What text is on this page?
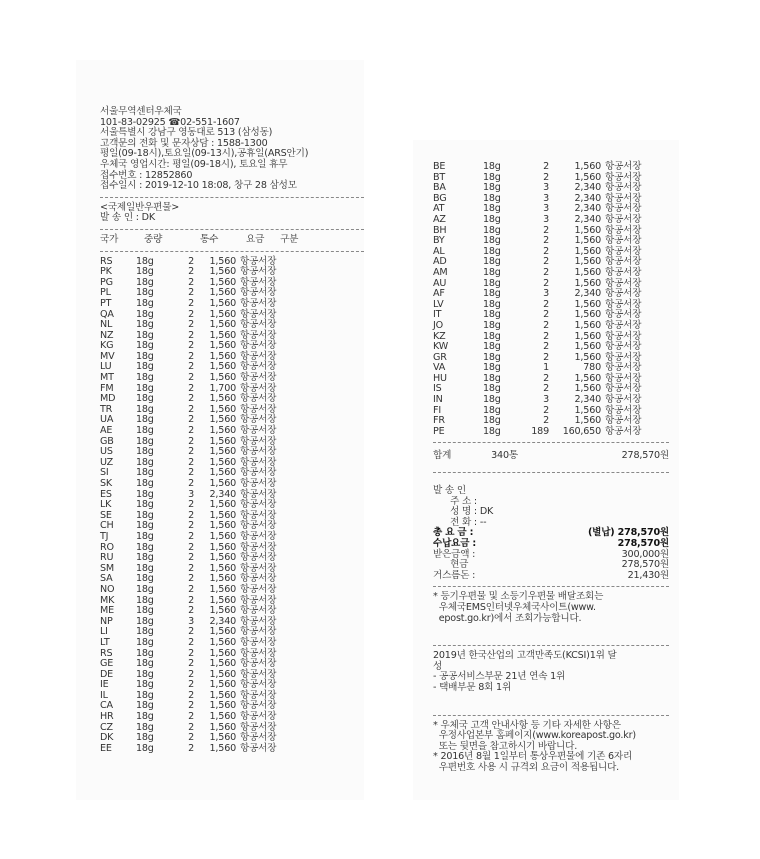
서울무역센터우체국
101-83-02925 ☎02-551-1607
서울특별시 강남구 영동대로 513 (삼성동)
고객문의 전화 및 문자상담 : 1588-1300
평일(09-18시),토요일(09-13시),공휴일(ARS안기)
우체국 영업시간: 평일(09-18시), 토요일 휴무
접수번호 : 12852860
접수일시 : 2019-12-10 18:08, 창구 28 삼성모
<국제일반우편물>
발 송 인 : DK
국가	중량	통수	요금	구분
RS	18g	2	1,560 항공서장
PK	18g	2	1,560 항공서장
PG	18g	2	1,560 항공서장
PL	18g	2	1,560 항공서장
PT	18g	2	1,560 항공서장
QA	18g	2	1,560 항공서장
NL	18g	2	1,560 항공서장
NZ	18g	2	1,560 항공서장
KG	18g	2	1,560 항공서장
MV	18g	2	1,560 항공서장
LU	18g	2	1,560 항공서장
MT	18g	2	1,560 항공서장
FM	18g	2	1,700 항공서장
MD	18g	2	1,560 항공서장
TR	18g	2	1,560 항공서장
UA	18g	2	1,560 항공서장
AE	18g	2	1,560 항공서장
GB	18g	2	1,560 항공서장
US	18g	2	1,560 항공서장
UZ	18g	2	1,560 항공서장
SI	18g	2	1,560 항공서장
SK	18g	2	1,560 항공서장
ES	18g	3	2,340 항공서장
LK	18g	2	1,560 항공서장
SE	18g	2	1,560 항공서장
CH	18g	2	1,560 항공서장
TJ	18g	2	1,560 항공서장
RO	18g	2	1,560 항공서장
RU	18g	2	1,560 항공서장
SM	18g	2	1,560 항공서장
SA	18g	2	1,560 항공서장
NO	18g	2	1,560 항공서장
MK	18g	2	1,560 항공서장
ME	18g	2	1,560 항공서장
NP	18g	3	2,340 항공서장
LI	18g	2	1,560 항공서장
LT	18g	2	1,560 항공서장
RS	18g	2	1,560 항공서장
GE	18g	2	1,560 항공서장
DE	18g	2	1,560 항공서장
IE	18g	2	1,560 항공서장
IL	18g	2	1,560 항공서장
CA	18g	2	1,560 항공서장
HR	18g	2	1,560 항공서장
CZ	18g	2	1,560 항공서장
DK	18g	2	1,560 항공서장
EE	18g	2	1,560 항공서장
BE	18g	2	1,560 항공서장
BT	18g	2	1,560 항공서장
BA	18g	3	2,340 항공서장
BG	18g	3	2,340 항공서장
AT	18g	3	2,340 항공서장
AZ	18g	3	2,340 항공서장
BH	18g	2	1,560 항공서장
BY	18g	2	1,560 항공서장
AL	18g	2	1,560 항공서장
AD	18g	2	1,560 항공서장
AM	18g	2	1,560 항공서장
AU	18g	2	1,560 항공서장
AF	18g	3	2,340 항공서장
LV	18g	2	1,560 항공서장
IT	18g	2	1,560 항공서장
JO	18g	2	1,560 항공서장
KZ	18g	2	1,560 항공서장
KW	18g	2	1,560 항공서장
GR	18g	2	1,560 항공서장
VA	18g	1	780 항공서장
HU	18g	2	1,560 항공서장
IS	18g	2	1,560 항공서장
IN	18g	3	2,340 항공서장
FI	18g	2	1,560 항공서장
FR	18g	2	1,560 항공서장
PE	18g	189	160,650 항공서장
합계	340통	278,570원
발 송 인
주 소 :
성 명 : DK
전 화 : --
총 요 금 :	(별납) 278,570원
수납요금 :	278,570원
받은금액 :	300,000원
현금	278,570원
거스름돈 :	21,430원
* 등기우편물 및 소등기우편물 배달조회는
우체국EMS인터넷우체국사이트(www.
epost.go.kr)에서 조회가능합니다.
2019년 한국산업의 고객만족도(KCSI)1위 달
성
- 공공서비스부문 21년 연속 1위
- 택배부문 8회 1위
* 우체국 고객 안내사항 등 기타 자세한 사항은
우정사업본부 홈페이지(www.koreapost.go.kr)
또는 뒷면을 참고하시기 바랍니다.
* 2016년 8월 1일부터 통상우편물에 기존 6자리
우편번호 사용 시 규격외 요금이 적용됩니다.
